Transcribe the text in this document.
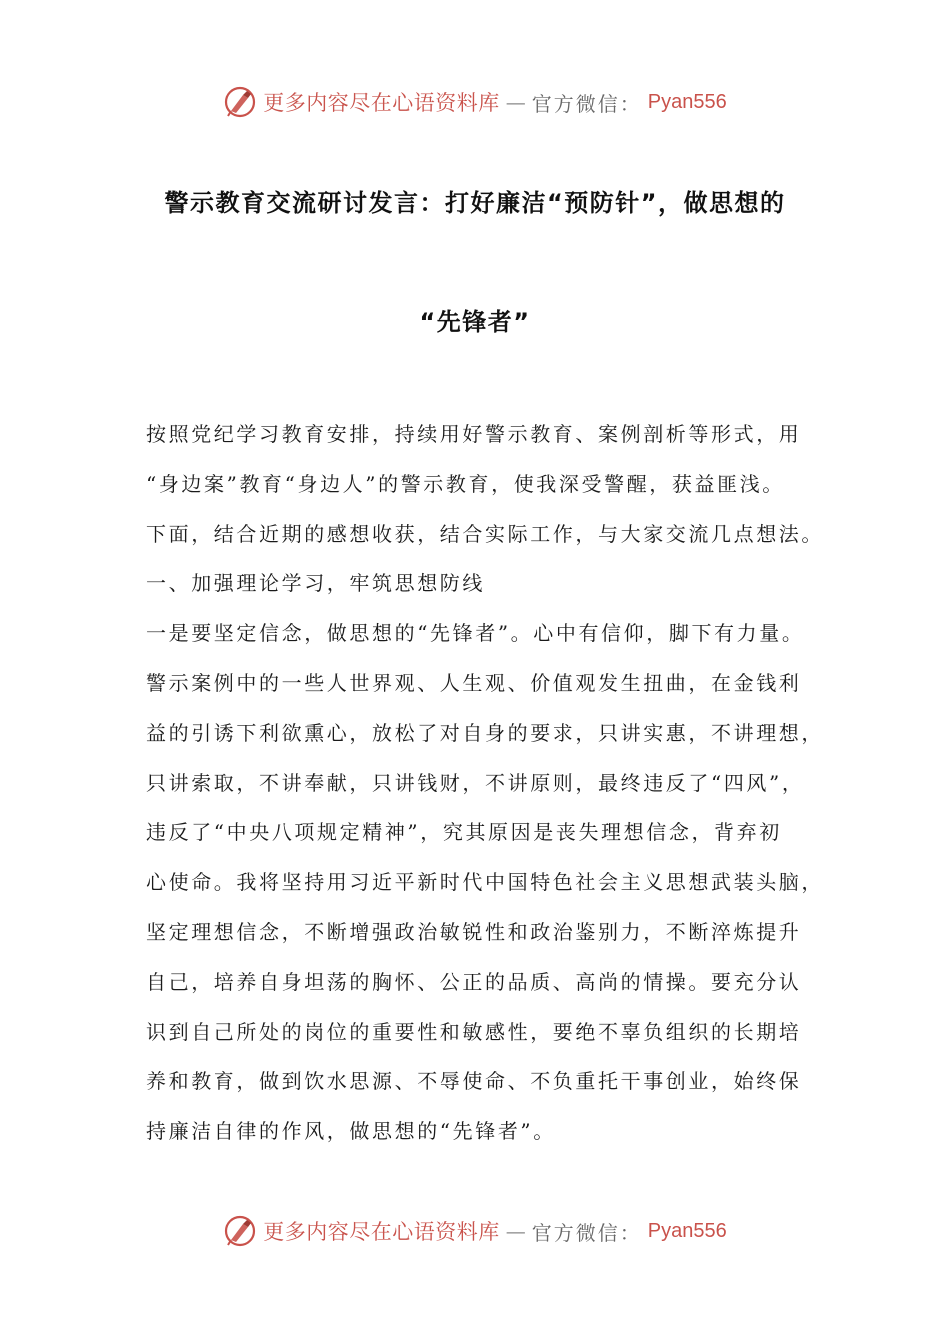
更多内容尽在心语资料库 — 官方微信： Pyan556
警示教育交流研讨发言：打好廉洁“预防针”，做思想的
“先锋者”
按照党纪学习教育安排，持续用好警示教育、案例剖析等形式，用
“身边案”教育“身边人”的警示教育，使我深受警醒，获益匪浅。
下面，结合近期的感想收获，结合实际工作，与大家交流几点想法。
一、加强理论学习，牢筑思想防线
一是要坚定信念，做思想的“先锋者”。心中有信仰，脚下有力量。
警示案例中的一些人世界观、人生观、价值观发生扭曲，在金钱利
益的引诱下利欲熏心，放松了对自身的要求，只讲实惠，不讲理想，
只讲索取，不讲奉献，只讲钱财，不讲原则，最终违反了“四风”，
违反了“中央八项规定精神”，究其原因是丧失理想信念，背弃初
心使命。我将坚持用习近平新时代中国特色社会主义思想武装头脑，
坚定理想信念，不断增强政治敏锐性和政治鉴别力，不断淬炼提升
自己，培养自身坦荡的胸怀、公正的品质、高尚的情操。要充分认
识到自己所处的岗位的重要性和敏感性，要绝不辜负组织的长期培
养和教育，做到饮水思源、不辱使命、不负重托干事创业，始终保
持廉洁自律的作风，做思想的“先锋者”。
更多内容尽在心语资料库 — 官方微信： Pyan556
